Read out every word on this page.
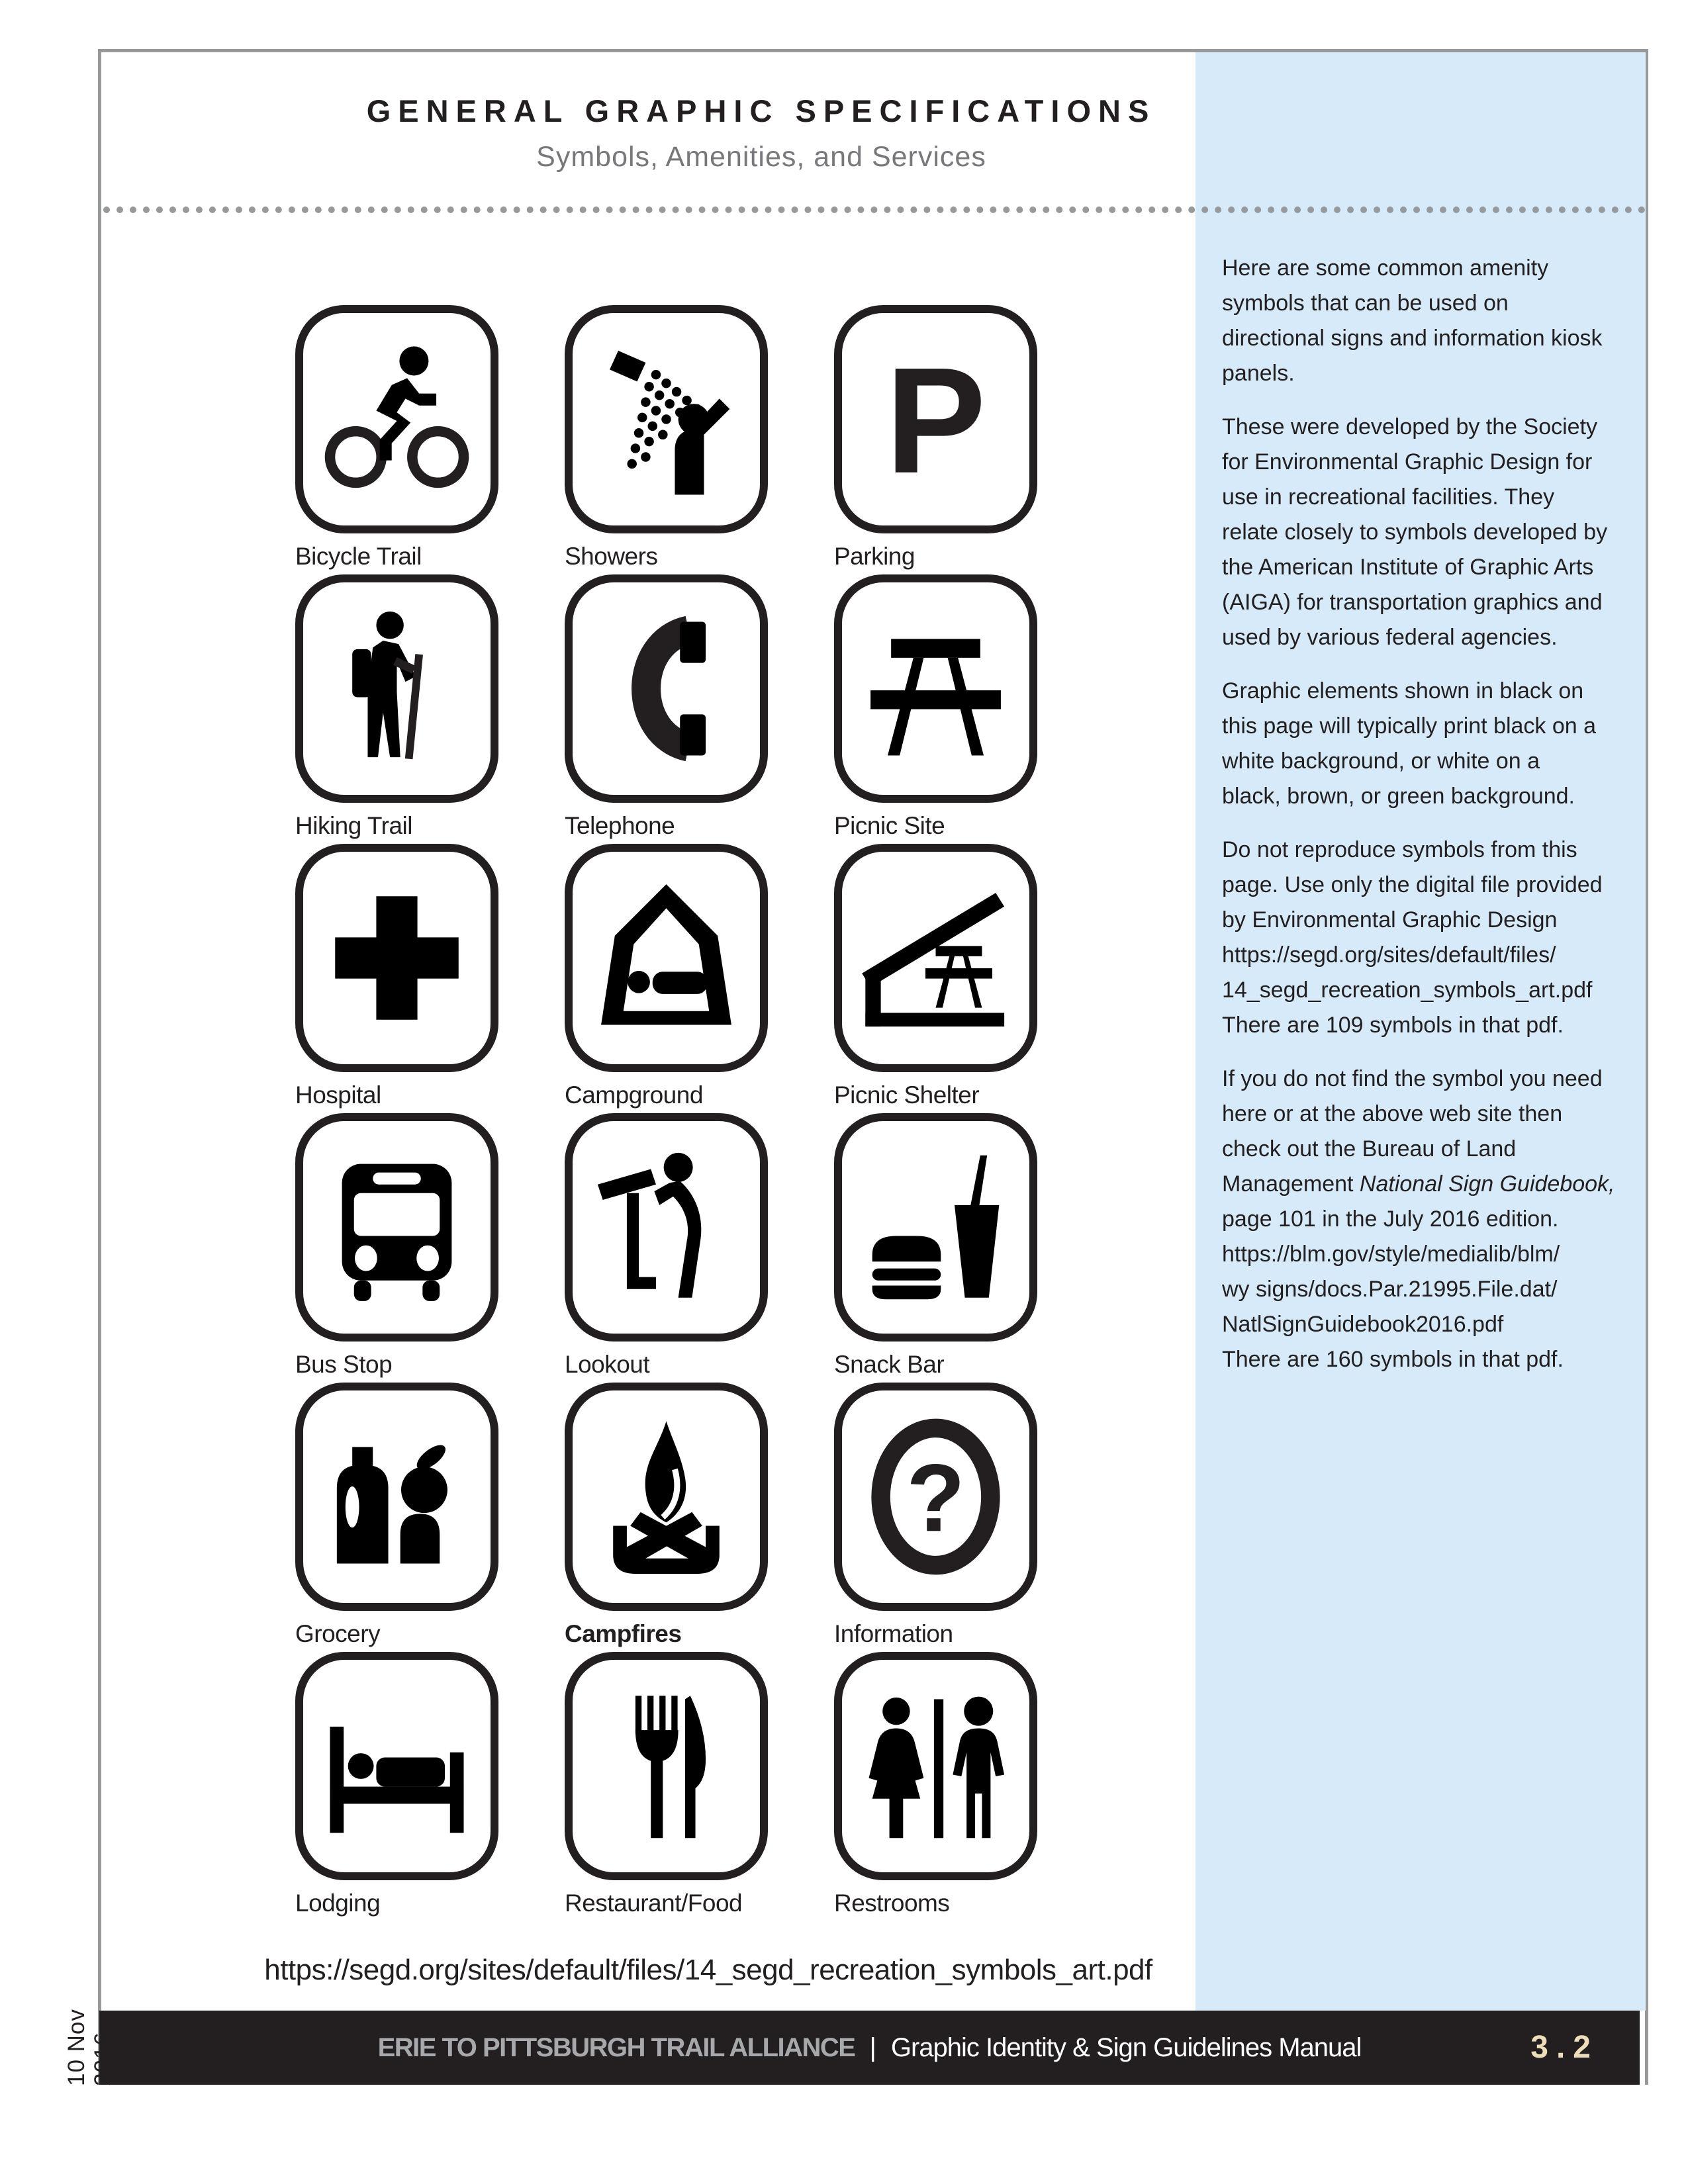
Here are some common amenity
symbols that can be used on
directional signs and information kiosk
panels.
These were developed by the Society
for Environmental Graphic Design for
use in recreational facilities. They
relate closely to symbols developed by
the American Institute of Graphic Arts
(AIGA) for transportation graphics and
used by various federal agencies.
Graphic elements shown in black on
this page will typically print black on a
white background, or white on a
black, brown, or green background.
Do not reproduce symbols from this
page. Use only the digital file provided
by Environmental Graphic Design
https://segd.org/sites/default/files/
14_segd_recreation_symbols_art.pdf
There are 109 symbols in that pdf.
If you do not find the symbol you need
here or at the above web site then
check out the Bureau of Land
Management National Sign Guidebook,
page 101 in the July 2016 edition.
https://blm.gov/style/medialib/blm/
wy signs/docs.Par.21995.File.dat/
NatlSignGuidebook2016.pdf
There are 160 symbols in that pdf.
GENERAL GRAPHIC SPECIFICATIONS
Symbols, Amenities, and Services
Bicycle Trail	Showers
P
Parking
Hiking Trail	Telephone	Picnic Site
Hospital	Campground	Picnic Shelter
Bus Stop	Lookout	Snack Bar
Grocery	Campfires
?
Information
Lodging	Restaurant/Food	Restrooms
https://segd.org/sites/default/files/14_segd_recreation_symbols_art.pdf
ERIE TO PITTSBURGH TRAIL ALLIANCE | Graphic Identity & Sign Guidelines Manual	3.2
10 Nov 2016
